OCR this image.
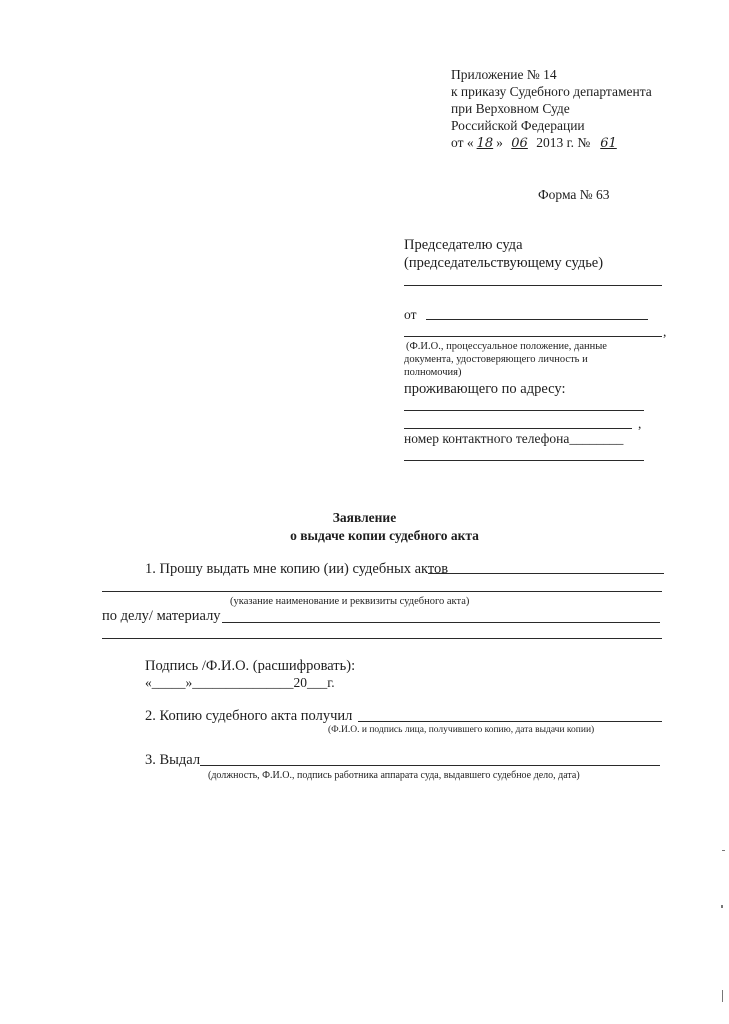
Приложение № 14
к приказу Судебного департамента
при Верховном Суде
Российской Федерации
от « 18 » 06 2013 г. № 61
Форма № 63
Председателю суда
(председательствующему судье)
от
,
(Ф.И.О., процессуальное положение, данные
документа, удостоверяющего личность и
полномочия)
проживающего по адресу:
,
номер контактного телефона________
Заявление
о выдаче копии судебного акта
1. Прошу выдать мне копию (ии) судебных актов
(указание наименование и реквизиты судебного акта)
по делу/ материалу
Подпись /Ф.И.О. (расшифровать):
«_____»_______________20___г.
2. Копию судебного акта получил
(Ф.И.О. и подпись лица, получившего копию, дата выдачи копии)
3. Выдал
(должность, Ф.И.О., подпись работника аппарата суда, выдавшего судебное дело, дата)
